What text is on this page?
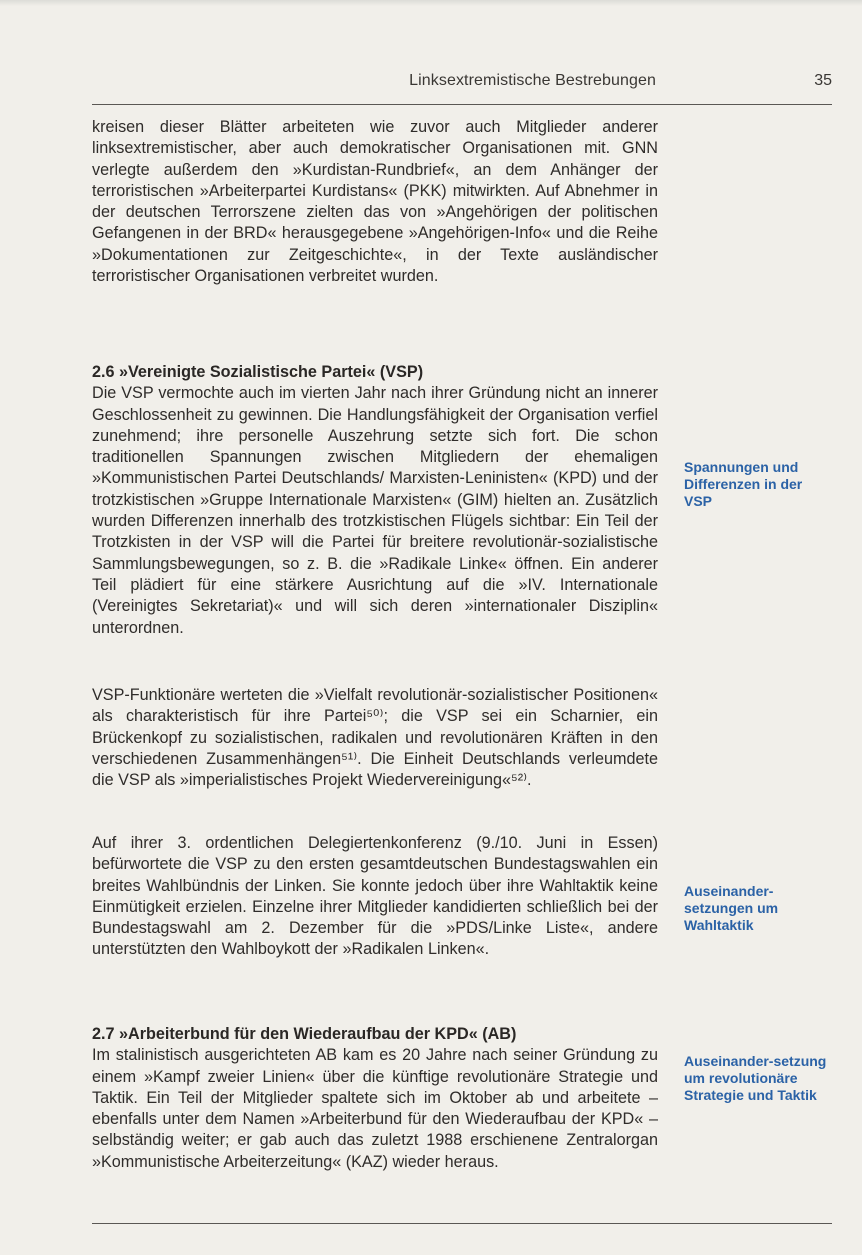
Linksextremistische Bestrebungen	35

kreisen dieser Blätter arbeiteten wie zuvor auch Mitglieder anderer linksextremistischer, aber auch demokratischer Organisationen mit. GNN verlegte außerdem den »Kurdistan-Rundbrief«, an dem Anhänger der terroristischen »Arbeiterpartei Kurdistans« (PKK) mitwirkten. Auf Abnehmer in der deutschen Terrorszene zielten das von »Angehörigen der politischen Gefangenen in der BRD« herausgegebene »Angehörigen-Info« und die Reihe »Dokumentationen zur Zeitgeschichte«, in der Texte ausländischer terroristischer Organisationen verbreitet wurden.

2.6 »Vereinigte Sozialistische Partei« (VSP)

Die VSP vermochte auch im vierten Jahr nach ihrer Gründung nicht an innerer Geschlossenheit zu gewinnen. Die Handlungsfähigkeit der Organisation verfiel zunehmend; ihre personelle Auszehrung setzte sich fort. Die schon traditionellen Spannungen zwischen Mitgliedern der ehemaligen »Kommunistischen Partei Deutschlands/ Marxisten-Leninisten« (KPD) und der trotzkistischen »Gruppe Internationale Marxisten« (GIM) hielten an. Zusätzlich wurden Differenzen innerhalb des trotzkistischen Flügels sichtbar: Ein Teil der Trotzkisten in der VSP will die Partei für breitere revolutionär-sozialistische Sammlungsbewegungen, so z. B. die »Radikale Linke« öffnen. Ein anderer Teil plädiert für eine stärkere Ausrichtung auf die »IV. Internationale (Vereinigtes Sekretariat)« und will sich deren »internationaler Disziplin« unterordnen.

VSP-Funktionäre werteten die »Vielfalt revolutionär-sozialistischer Positionen« als charakteristisch für ihre Partei⁵⁰⁾; die VSP sei ein Scharnier, ein Brückenkopf zu sozialistischen, radikalen und revolutionären Kräften in den verschiedenen Zusammenhängen⁵¹⁾. Die Einheit Deutschlands verleumdete die VSP als »imperialistisches Projekt Wiedervereinigung«⁵²⁾.

Auf ihrer 3. ordentlichen Delegiertenkonferenz (9./10. Juni in Essen) befürwortete die VSP zu den ersten gesamtdeutschen Bundestagswahlen ein breites Wahlbündnis der Linken. Sie konnte jedoch über ihre Wahltaktik keine Einmütigkeit erzielen. Einzelne ihrer Mitglieder kandidierten schließlich bei der Bundestagswahl am 2. Dezember für die »PDS/Linke Liste«, andere unterstützten den Wahlboykott der »Radikalen Linken«.

2.7 »Arbeiterbund für den Wiederaufbau der KPD« (AB)

Im stalinistisch ausgerichteten AB kam es 20 Jahre nach seiner Gründung zu einem »Kampf zweier Linien« über die künftige revolutionäre Strategie und Taktik. Ein Teil der Mitglieder spaltete sich im Oktober ab und arbeitete – ebenfalls unter dem Namen »Arbeiterbund für den Wiederaufbau der KPD« – selbständig weiter; er gab auch das zuletzt 1988 erschienene Zentralorgan »Kommunistische Arbeiterzeitung« (KAZ) wieder heraus.

Spannungen und Differenzen in der VSP
Auseinander-setzungen um Wahltaktik
Auseinander-setzung um revolutionäre Strategie und Taktik
